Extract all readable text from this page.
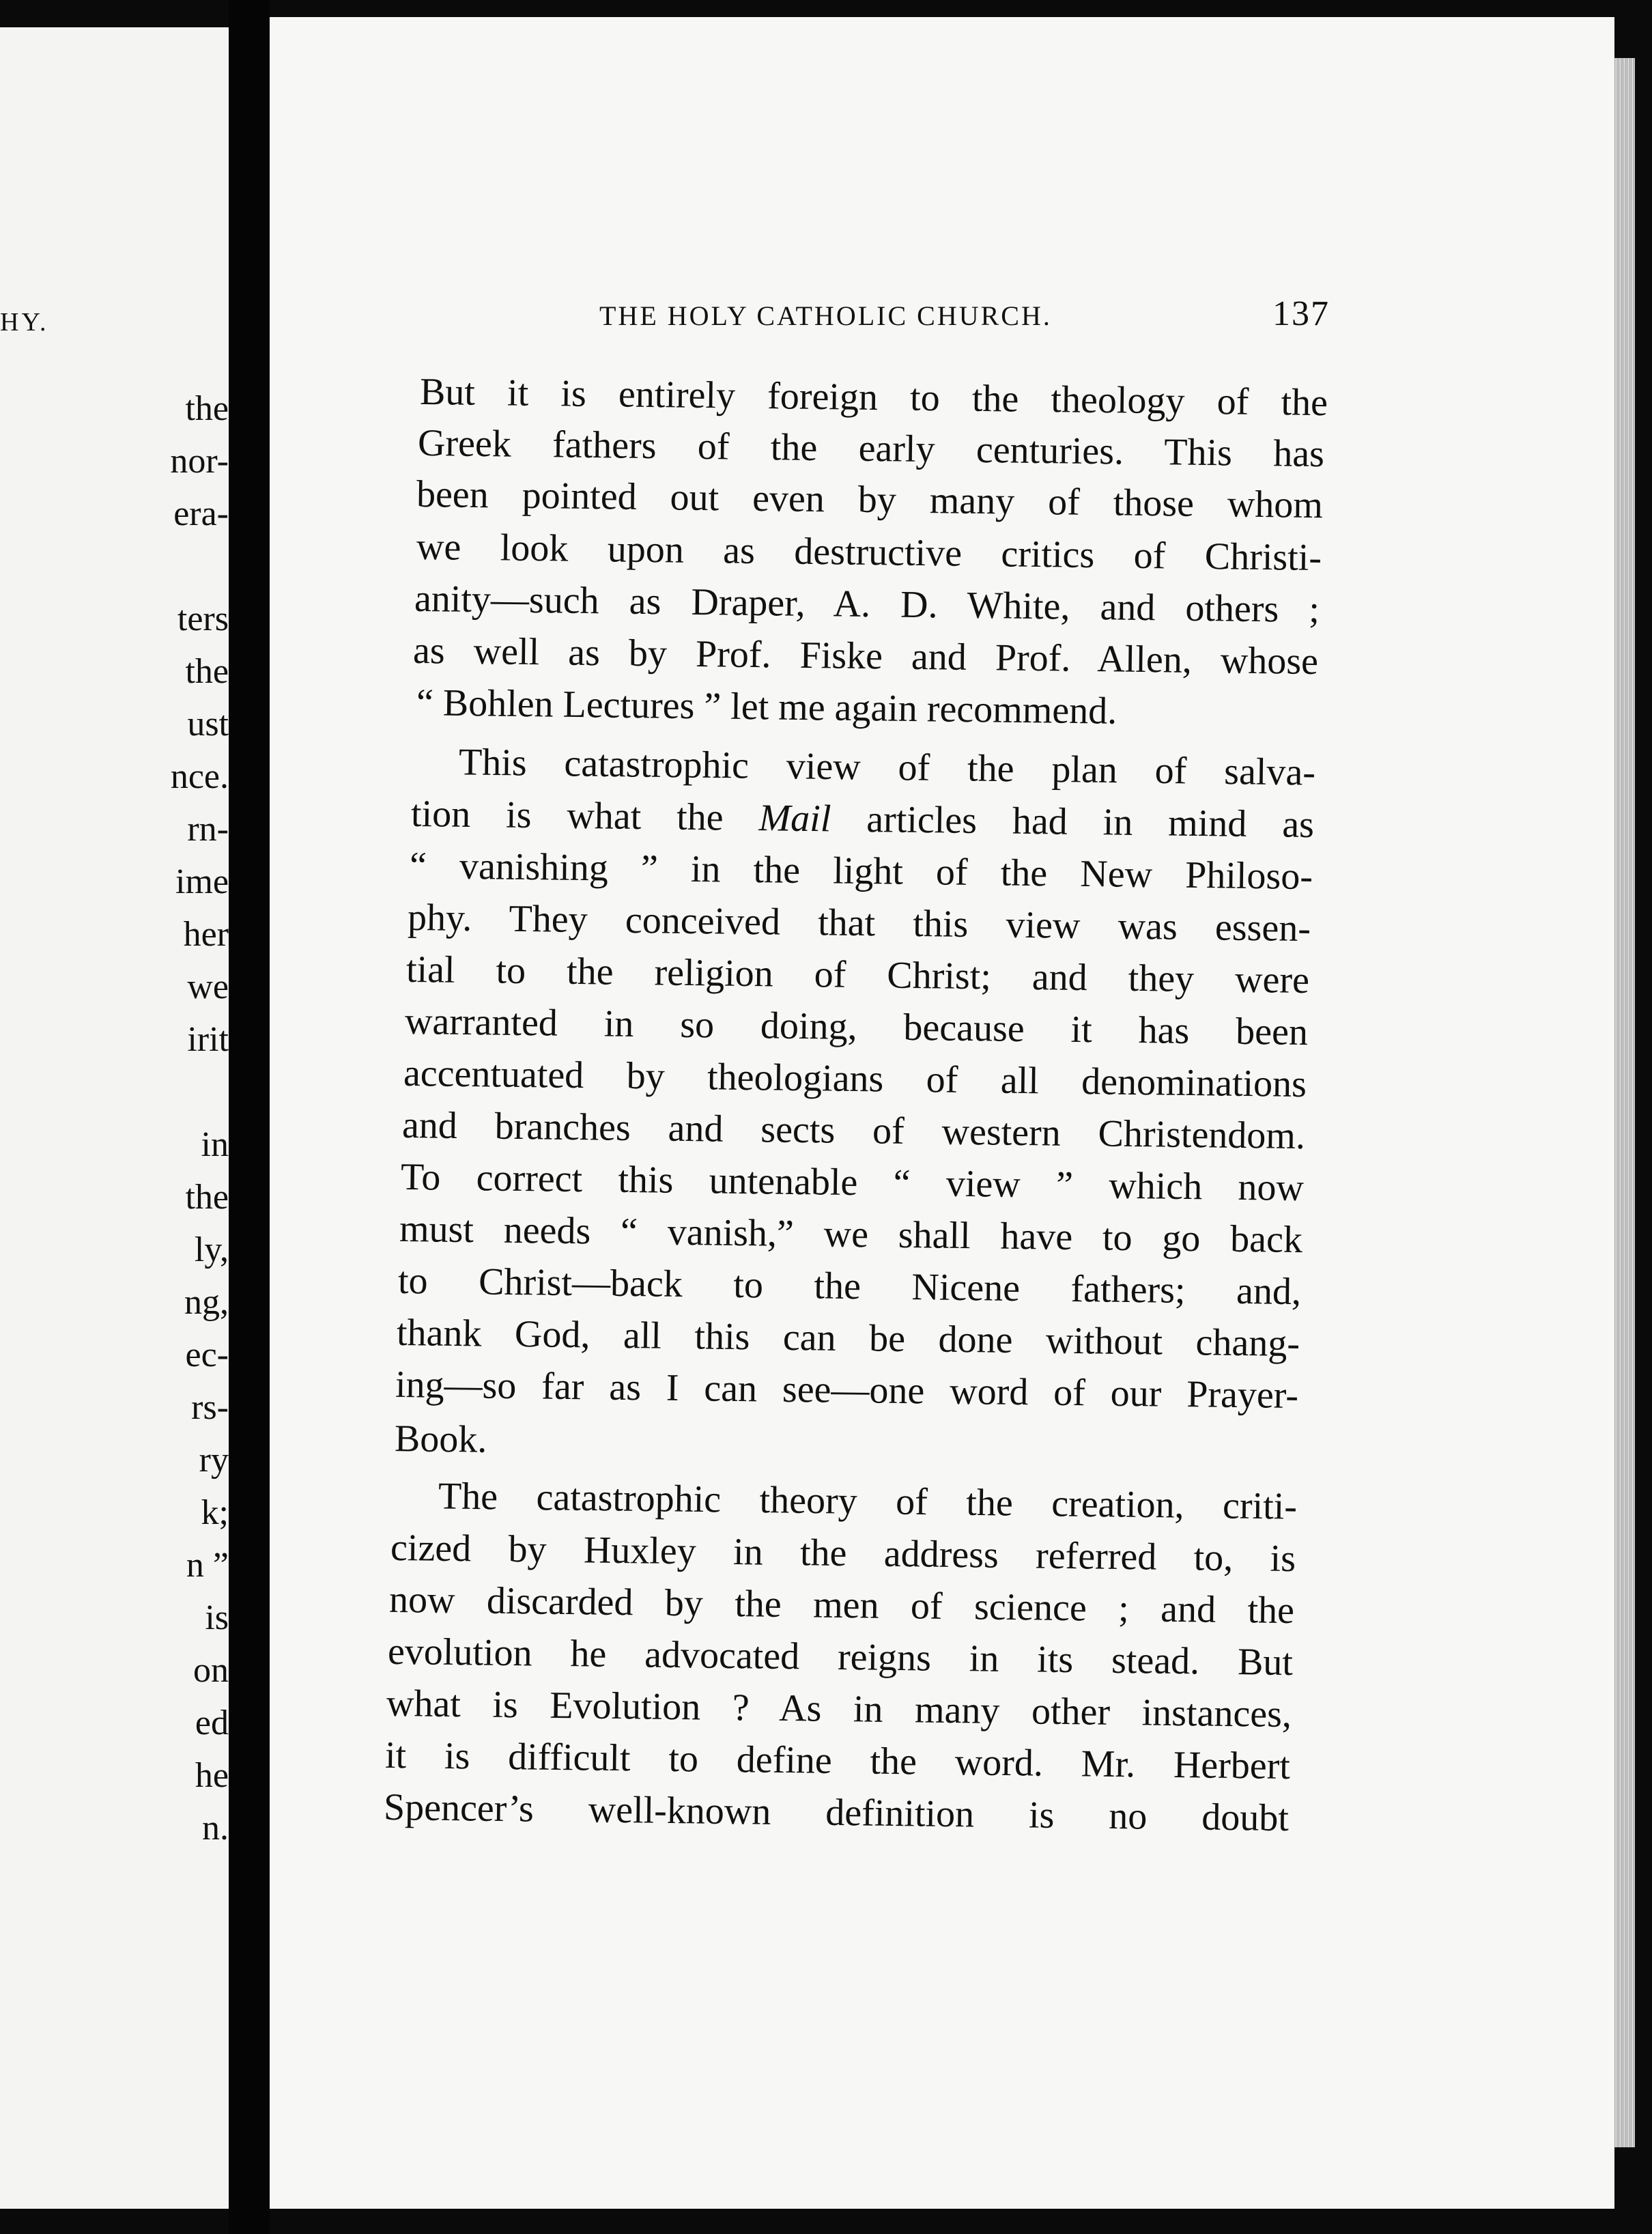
HY.
the
nor-
era-
ters
the
ust
nce.
rn-
ime
her
we
irit
in
the
ly,
ng,
ec-
rs-
ry
k;
n ”
is
on
ed
he
n.
THE HOLY CATHOLIC CHURCH.	137
But it is entirely foreign to the theology of the
Greek fathers of the early centuries. This has
been pointed out even by many of those whom
we look upon as destructive critics of Christi-
anity—such as Draper, A. D. White, and others ;
as well as by Prof. Fiske and Prof. Allen, whose
“ Bohlen Lectures ” let me again recommend.
This catastrophic view of the plan of salva-
tion is what the Mail articles had in mind as
“ vanishing ” in the light of the New Philoso-
phy. They conceived that this view was essen-
tial to the religion of Christ; and they were
warranted in so doing, because it has been
accentuated by theologians of all denominations
and branches and sects of western Christendom.
To correct this untenable “ view ” which now
must needs “ vanish,” we shall have to go back
to Christ—back to the Nicene fathers; and,
thank God, all this can be done without chang-
ing—so far as I can see—one word of our Prayer-
Book.
The catastrophic theory of the creation, criti-
cized by Huxley in the address referred to, is
now discarded by the men of science ; and the
evolution he advocated reigns in its stead. But
what is Evolution ? As in many other instances,
it is difficult to define the word. Mr. Herbert
Spencer’s well-known definition is no doubt
